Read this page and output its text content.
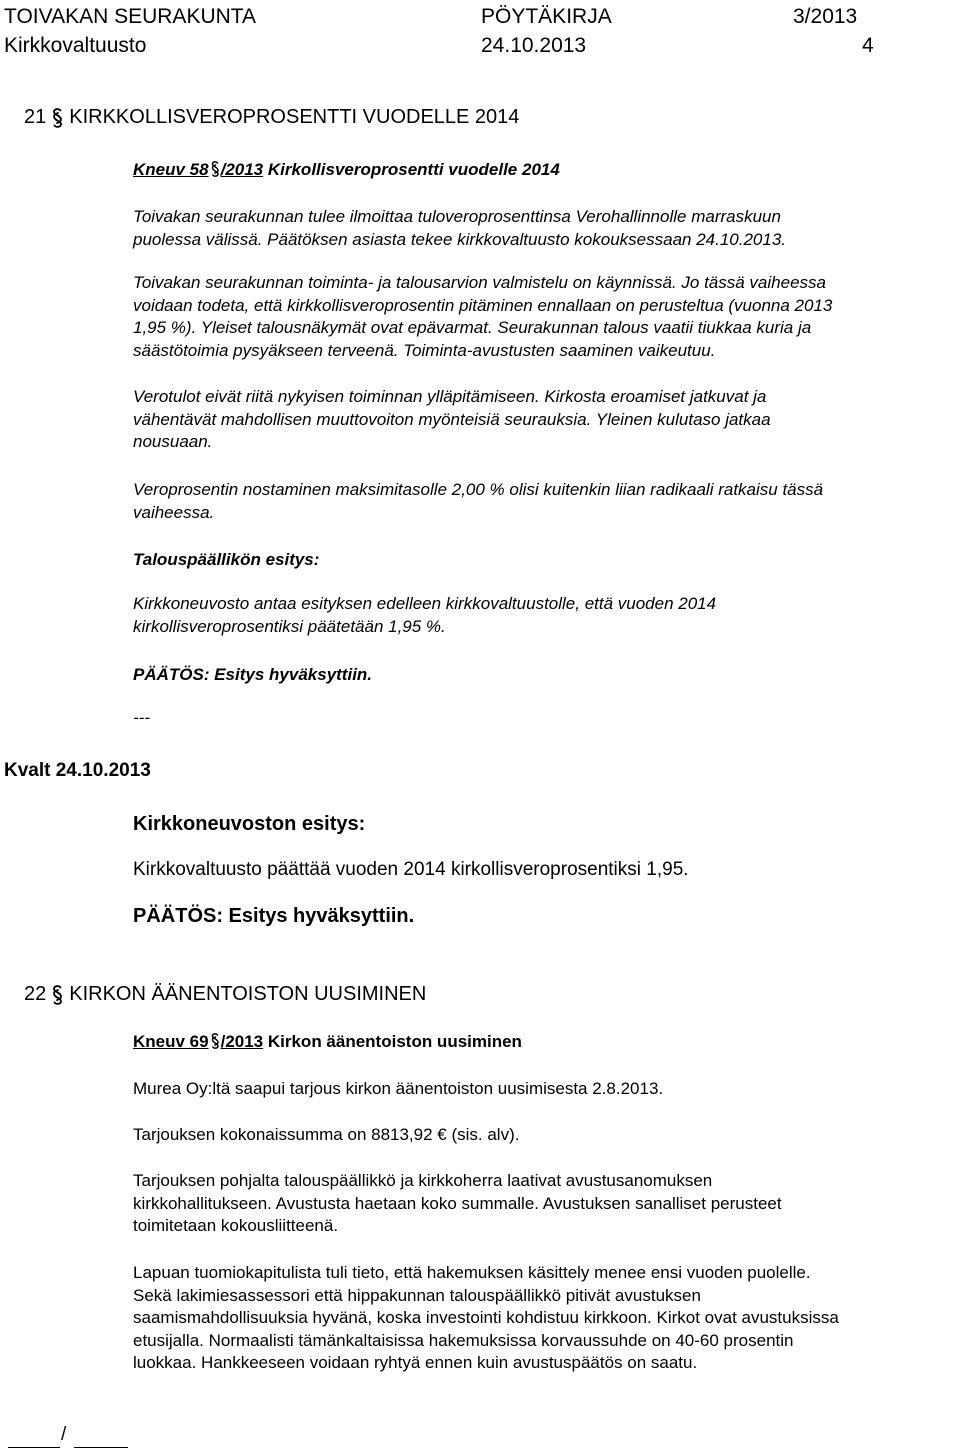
TOIVAKAN SEURAKUNTA	PÖYTÄKIRJA	3/2013
Kirkkovaltuusto	24.10.2013	4
21 KIRKKOLLISVEROPROSENTTI VUODELLE 2014
Kneuv 58 /2013 Kirkollisveroprosentti vuodelle 2014
Toivakan seurakunnan tulee ilmoittaa tuloveroprosenttinsa Verohallinnolle marraskuun
puolessa välissä. Päätöksen asiasta tekee kirkkovaltuusto kokouksessaan 24.10.2013.
Toivakan seurakunnan toiminta- ja talousarvion valmistelu on käynnissä. Jo tässä vaiheessa
voidaan todeta, että kirkkollisveroprosentin pitäminen ennallaan on perusteltua (vuonna 2013
1,95 %). Yleiset talousnäkymät ovat epävarmat. Seurakunnan talous vaatii tiukkaa kuria ja
säästötoimia pysyäkseen terveenä. Toiminta-avustusten saaminen vaikeutuu.
Verotulot eivät riitä nykyisen toiminnan ylläpitämiseen. Kirkosta eroamiset jatkuvat ja
vähentävät mahdollisen muuttovoiton myönteisiä seurauksia. Yleinen kulutaso jatkaa
nousuaan.
Veroprosentin nostaminen maksimitasolle 2,00 % olisi kuitenkin liian radikaali ratkaisu tässä
vaiheessa.
Talouspäällikön esitys:
Kirkkoneuvosto antaa esityksen edelleen kirkkovaltuustolle, että vuoden 2014
kirkollisveroprosentiksi päätetään 1,95 %.
PÄÄTÖS: Esitys hyväksyttiin.
---
Kvalt 24.10.2013
Kirkkoneuvoston esitys:
Kirkkovaltuusto päättää vuoden 2014 kirkollisveroprosentiksi 1,95.
PÄÄTÖS: Esitys hyväksyttiin.
22 KIRKON ÄÄNENTOISTON UUSIMINEN
Kneuv 69 /2013 Kirkon äänentoiston uusiminen
Murea Oy:ltä saapui tarjous kirkon äänentoiston uusimisesta 2.8.2013.
Tarjouksen kokonaissumma on 8813,92 € (sis. alv).
Tarjouksen pohjalta talouspäällikkö ja kirkkoherra laativat avustusanomuksen
kirkkohallitukseen. Avustusta haetaan koko summalle. Avustuksen sanalliset perusteet
toimitetaan kokousliitteenä.
Lapuan tuomiokapitulista tuli tieto, että hakemuksen käsittely menee ensi vuoden puolelle.
Sekä lakimiesassessori että hippakunnan talouspäällikkö pitivät avustuksen
saamismahdollisuuksia hyvänä, koska investointi kohdistuu kirkkoon. Kirkot ovat avustuksissa
etusijalla. Normaalisti tämänkaltaisissa hakemuksissa korvaussuhde on 40-60 prosentin
luokkaa. Hankkeeseen voidaan ryhtyä ennen kuin avustuspäätös on saatu.
/
